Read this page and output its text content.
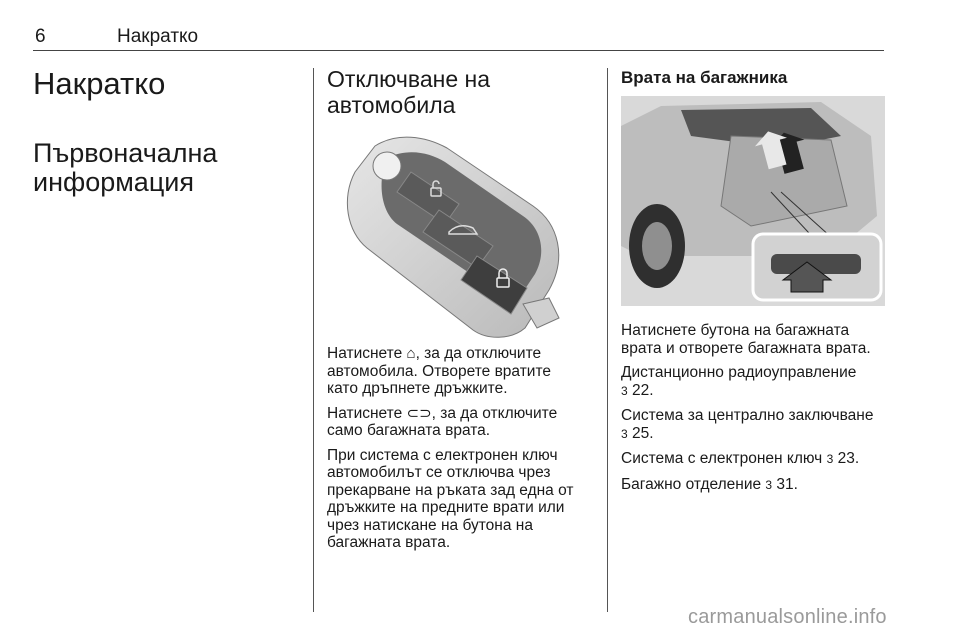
6	Накратко
Накратко
Първоначална
информация
Отключване на
автомобила

Натиснете ⌂, за да отключите
автомобила. Отворете вратите
като дръпнете дръжките.

Натиснете ⊂⊃, за да отключите
само багажната врата.

При система с електронен ключ
автомобилът се отключва чрез
прекарване на ръката зад една от
дръжките на предните врати или
чрез натискане на бутона на
багажната врата.

Врата на багажника

Натиснете бутона на багажната
врата и отворете багажната врата.

Дистанционно радиоуправление
3 22.

Система за централно заключване
3 25.

Система с електронен ключ 3 23.

Багажно отделение 3 31.

carmanualsonline.info
